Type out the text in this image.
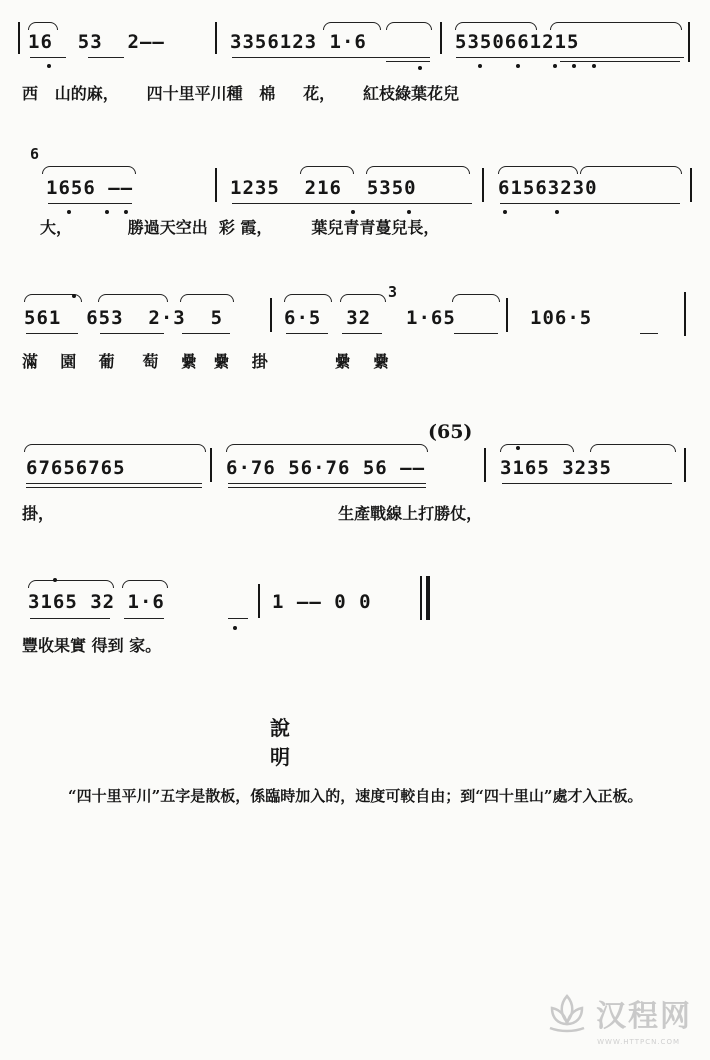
16  53  2——	3356123 1·6	5350661215
西   山的麻，     四十里平川種   棉     花，     紅枝綠葉花兒
6
1656 ——	1235  216  5350	61563230
大，          勝過天空出  彩 霞，       葉兒青青蔓兒長，
561  653  2·3  5	6·5  32
3
1·65	106·5
滿    園    葡     萄    纍   纍    掛            纍    纍
(65)
67656765	6·76 56·76 56 ——	3165 3235
掛，                                                   生產戰線上打勝仗，
3165 32 1·6	1 —— 0 0
豐收果實 得到 家。
說明
“四十里平川”五字是散板，係臨時加入的，速度可較自由；到“四十里山”處才入正板。
汉程网
WWW.HTTPCN.COM
